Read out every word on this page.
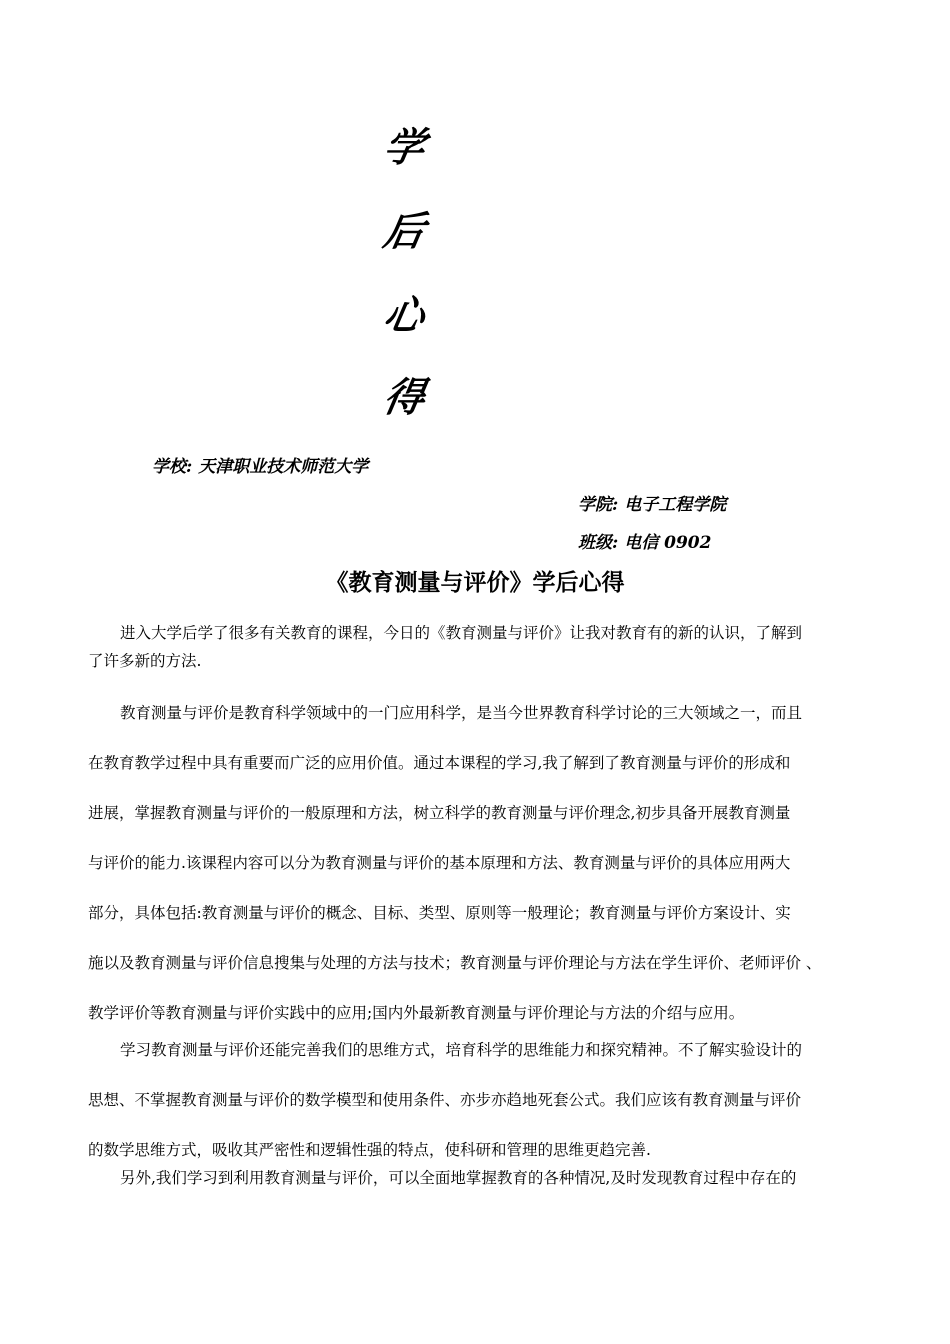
学
后
心
得
学校: 天津职业技术师范大学
学院: 电子工程学院
班级: 电信 0902
《教育测量与评价》学后心得

进入大学后学了很多有关教育的课程，今日的《教育测量与评价》让我对教育有的新的认识，了解到
了许多新的方法.

教育测量与评价是教育科学领域中的一门应用科学，是当今世界教育科学讨论的三大领域之一，而且
在教育教学过程中具有重要而广泛的应用价值。通过本课程的学习,我了解到了教育测量与评价的形成和
进展，掌握教育测量与评价的一般原理和方法，树立科学的教育测量与评价理念,初步具备开展教育测量
与评价的能力.该课程内容可以分为教育测量与评价的基本原理和方法、教育测量与评价的具体应用两大
部分，具体包括:教育测量与评价的概念、目标、类型、原则等一般理论；教育测量与评价方案设计、实
施以及教育测量与评价信息搜集与处理的方法与技术；教育测量与评价理论与方法在学生评价、老师评价 、
教学评价等教育测量与评价实践中的应用;国内外最新教育测量与评价理论与方法的介绍与应用。

学习教育测量与评价还能完善我们的思维方式，培育科学的思维能力和探究精神。不了解实验设计的
思想、不掌握教育测量与评价的数学模型和使用条件、亦步亦趋地死套公式。我们应该有教育测量与评价
的数学思维方式，吸收其严密性和逻辑性强的特点，使科研和管理的思维更趋完善.

另外,我们学习到利用教育测量与评价，可以全面地掌握教育的各种情况,及时发现教育过程中存在的
